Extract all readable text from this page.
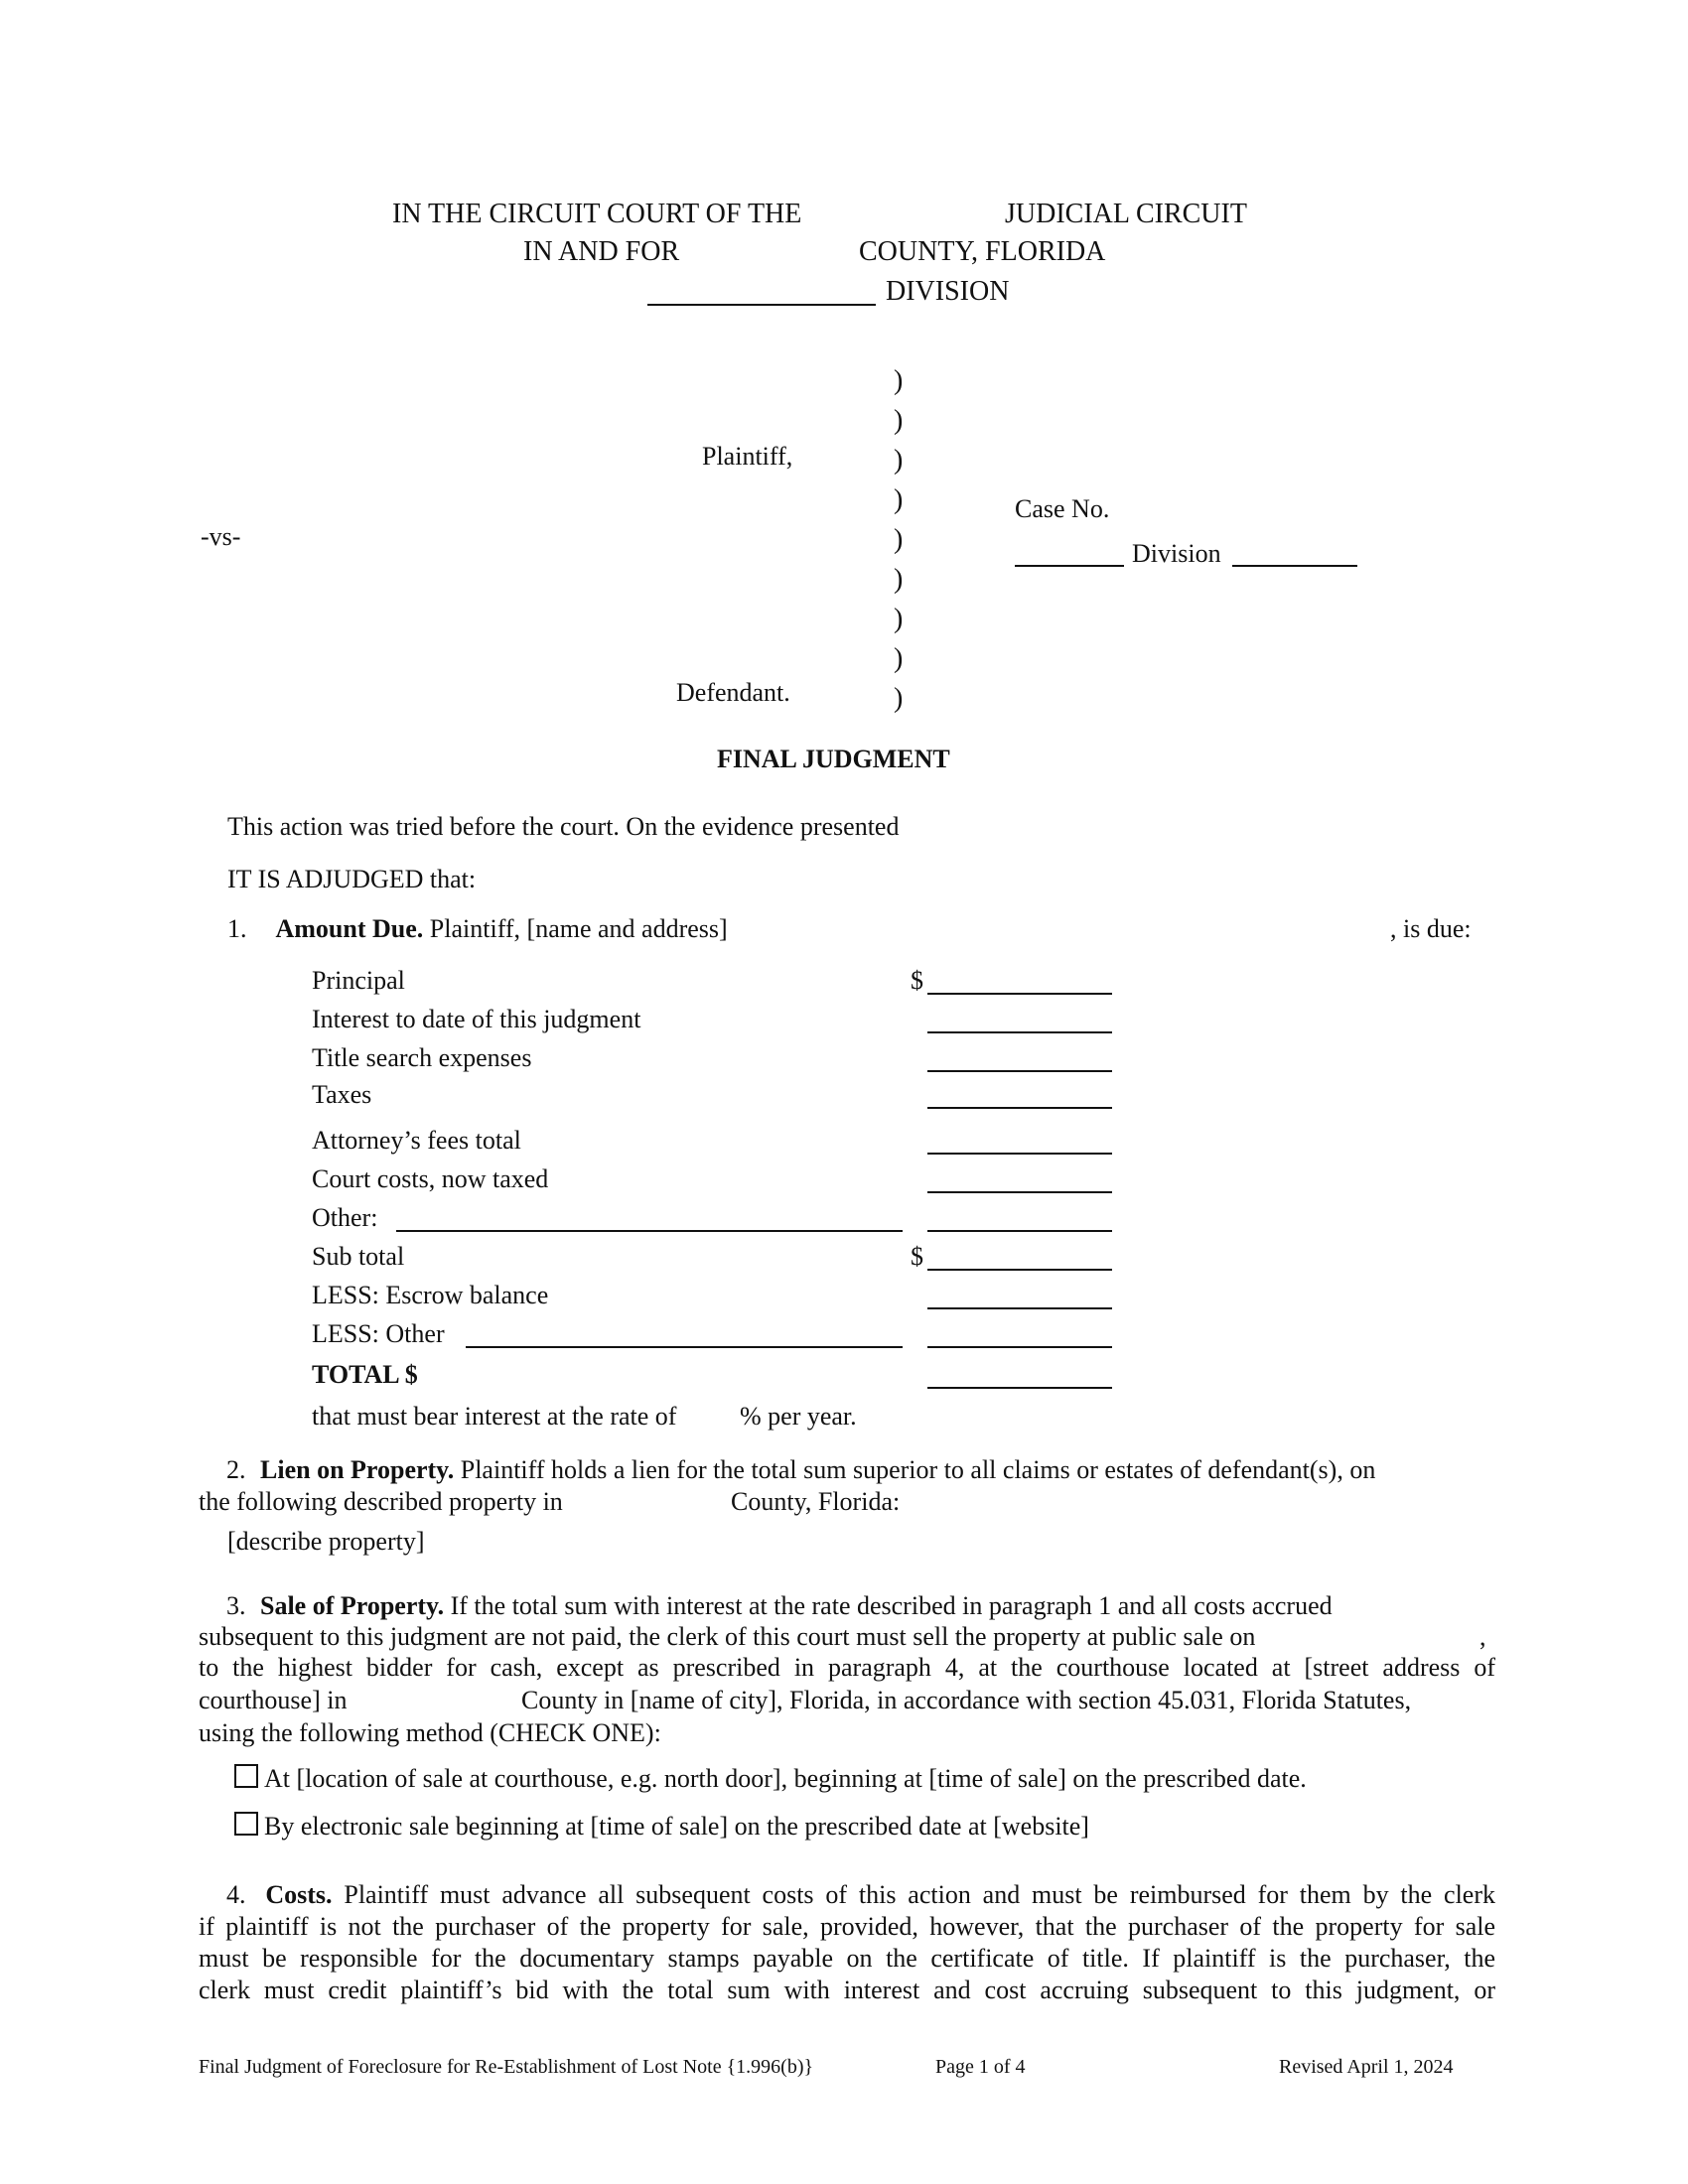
IN THE CIRCUIT COURT OF THE	JUDICIAL CIRCUIT
IN AND FOR	COUNTY, FLORIDA
DIVISION
)
)
)
)
)
)
)
)
)
Plaintiff,
-vs-
Defendant.
Case No.
Division
FINAL JUDGMENT
This action was tried before the court. On the evidence presented
IT IS ADJUDGED that:
1. Amount Due. Plaintiff, [name and address]	, is due:
Principal	$
Interest to date of this judgment
Title search expenses
Taxes
Attorney’s fees total
Court costs, now taxed
Other:
Sub total	$
LESS: Escrow balance
LESS: Other
TOTAL $
that must bear interest at the rate of % per year.
2. Lien on Property. Plaintiff holds a lien for the total sum superior to all claims or estates of defendant(s), on
the following described property in	County, Florida:
[describe property]
3. Sale of Property. If the total sum with interest at the rate described in paragraph 1 and all costs accrued
subsequent to this judgment are not paid, the clerk of this court must sell the property at public sale on	,
to the highest bidder for cash, except as prescribed in paragraph 4, at the courthouse located at [street address of
courthouse] in	County in [name of city], Florida, in accordance with section 45.031, Florida Statutes,
using the following method (CHECK ONE):
At [location of sale at courthouse, e.g. north door], beginning at [time of sale] on the prescribed date.
By electronic sale beginning at [time of sale] on the prescribed date at [website]
4. Costs. Plaintiff must advance all subsequent costs of this action and must be reimbursed for them by the clerk
if plaintiff is not the purchaser of the property for sale, provided, however, that the purchaser of the property for sale
must be responsible for the documentary stamps payable on the certificate of title. If plaintiff is the purchaser, the
clerk must credit plaintiff’s bid with the total sum with interest and cost accruing subsequent to this judgment, or
Final Judgment of Foreclosure for Re-Establishment of Lost Note {1.996(b)}	Page 1 of 4	Revised April 1, 2024
